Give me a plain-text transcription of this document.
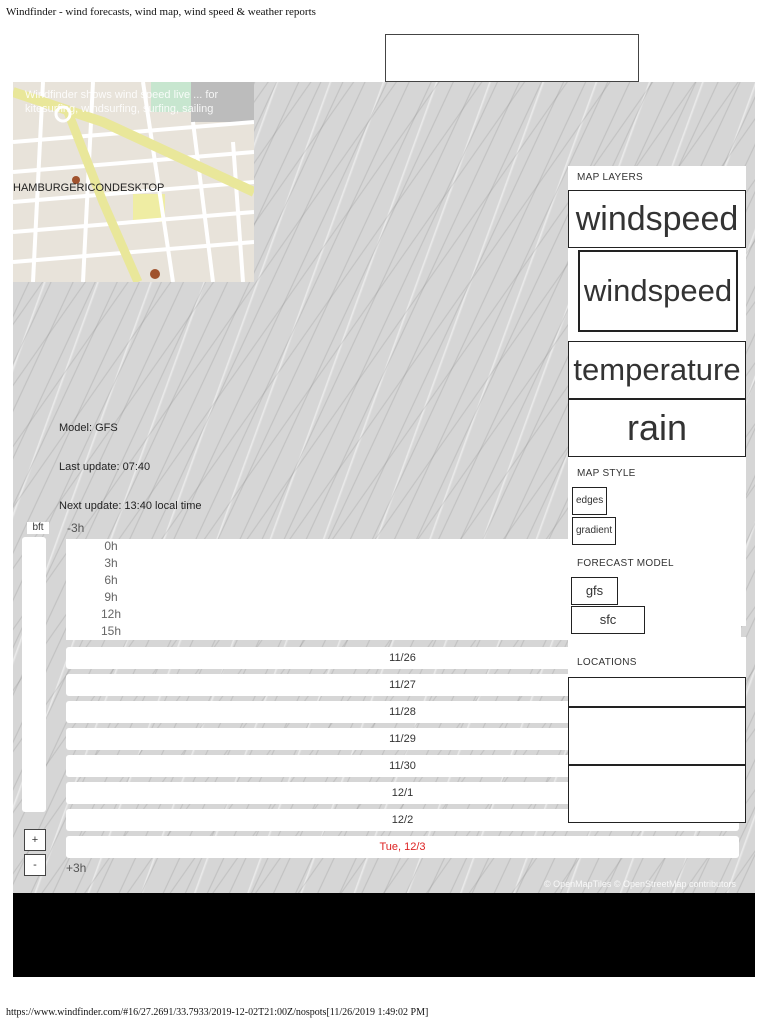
Windfinder - wind forecasts, wind map, wind speed & weather reports
Windfinder shows wind speed live ... for kitesurfing, windsurfing, surfing, sailing
HAMBURGERICONDESKTOP
Model: GFS
Last update: 07:40
Next update: 13:40 local time
bft
+
-
-3h
0h
3h
6h
9h
12h
15h
11/26
11/27
11/28
11/29
11/30
12/1
12/2
Tue, 12/3
+3h
© OpenMapTiles © OpenStreetMap contributors
MAP LAYERS
windspeed
windspeed
temperature
rain
MAP STYLE
edges
gradient
FORECAST MODEL
gfs
sfc
LOCATIONS
https://www.windfinder.com/#16/27.2691/33.7933/2019-12-02T21:00Z/nospots[11/26/2019 1:49:02 PM]
